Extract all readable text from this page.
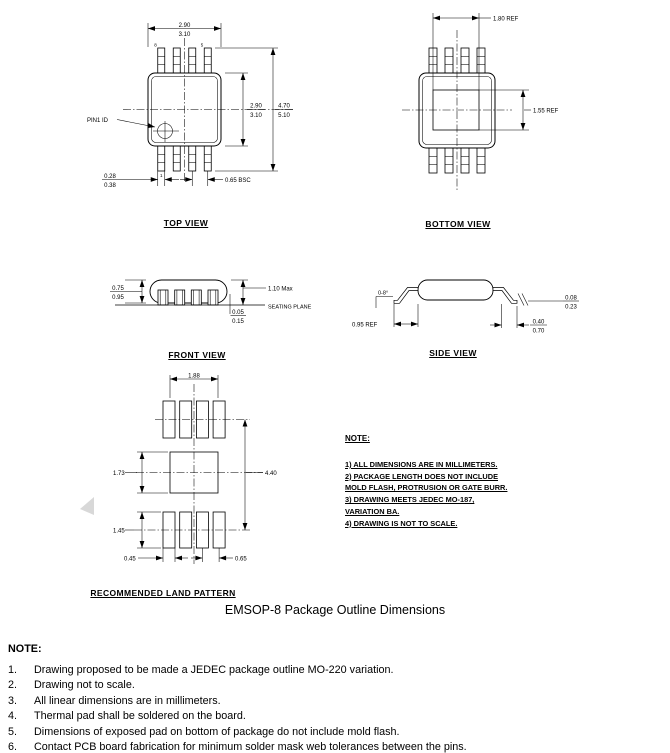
PIN1 ID
8	5
1
2.90
3.10
2.90
3.10
4.70
5.10
0.28
0.38
0.65 BSC
TOP VIEW
1.80 REF
1.55 REF
BOTTOM VIEW
0.75
0.95
1.10 Max
SEATING PLANE
0.05
0.15
FRONT VIEW
0-8°
0.95 REF
0.08
0.23
0.40
0.70
SIDE VIEW
1.88
1.73
1.45
4.40
0.45	0.65
RECOMMENDED LAND PATTERN
NOTE:
1) ALL DIMENSIONS ARE IN MILLIMETERS.
2) PACKAGE LENGTH DOES NOT INCLUDE
MOLD FLASH, PROTRUSION OR GATE BURR.
3) DRAWING MEETS JEDEC MO-187,
VARIATION BA.
4) DRAWING IS NOT TO SCALE.
EMSOP-8 Package Outline Dimensions
NOTE:
1.	Drawing proposed to be made a JEDEC package outline MO-220 variation.
2.	Drawing not to scale.
3.	All linear dimensions are in millimeters.
4.	Thermal pad shall be soldered on the board.
5.	Dimensions of exposed pad on bottom of package do not include mold flash.
6.	Contact PCB board fabrication for minimum solder mask web tolerances between the pins.
